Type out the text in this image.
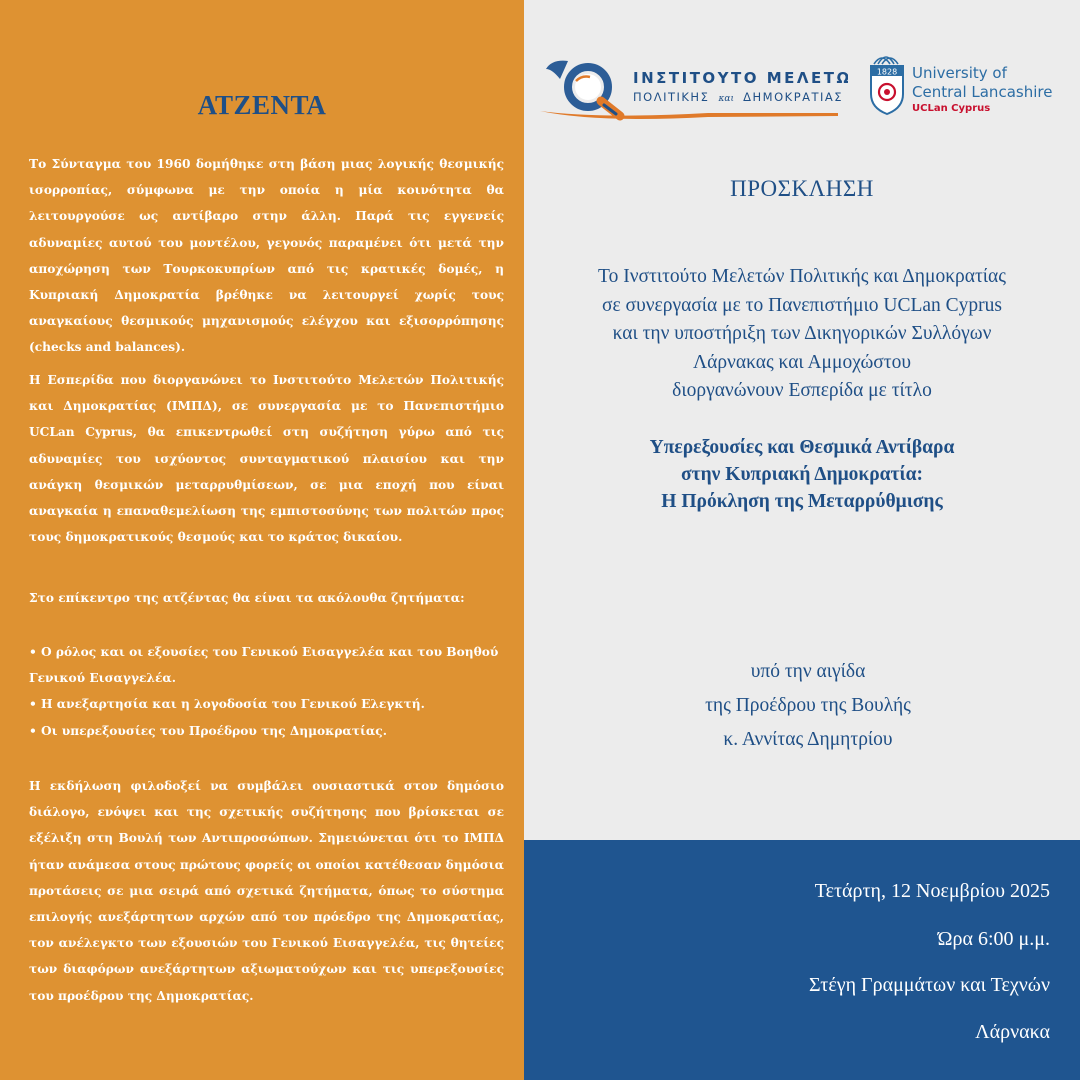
ΑΤΖΕΝΤΑ

Το Σύνταγμα του 1960 δομήθηκε στη βάση μιας λογικής θεσμικής ισορροπίας, σύμφωνα με την οποία η μία κοινότητα θα λειτουργούσε ως αντίβαρο στην άλλη. Παρά τις εγγενείς αδυναμίες αυτού του μοντέλου, γεγονός παραμένει ότι μετά την αποχώρηση των Τουρκοκυπρίων από τις κρατικές δομές, η Κυπριακή Δημοκρατία βρέθηκε να λειτουργεί χωρίς τους αναγκαίους θεσμικούς μηχανισμούς ελέγχου και εξισορρόπησης (checks and balances).

Η Εσπερίδα που διοργανώνει το Ινστιτούτο Μελετών Πολιτικής και Δημοκρατίας (ΙΜΠΔ), σε συνεργασία με το Πανεπιστήμιο UCLan Cyprus, θα επικεντρωθεί στη συζήτηση γύρω από τις αδυναμίες του ισχύοντος συνταγματικού πλαισίου και την ανάγκη θεσμικών μεταρρυθμίσεων, σε μια εποχή που είναι αναγκαία η επαναθεμελίωση της εμπιστοσύνης των πολιτών προς τους δημοκρατικούς θεσμούς και το κράτος δικαίου.

Στο επίκεντρο της ατζέντας θα είναι τα ακόλουθα ζητήματα:

• Ο ρόλος και οι εξουσίες του Γενικού Εισαγγελέα και του Βοηθού Γενικού Εισαγγελέα.
• Η ανεξαρτησία και η λογοδοσία του Γενικού Ελεγκτή.
• Οι υπερεξουσίες του Προέδρου της Δημοκρατίας.

Η εκδήλωση φιλοδοξεί να συμβάλει ουσιαστικά στον δημόσιο διάλογο, ενόψει και της σχετικής συζήτησης που βρίσκεται σε εξέλιξη στη Βουλή των Αντιπροσώπων. Σημειώνεται ότι το ΙΜΠΔ ήταν ανάμεσα στους πρώτους φορείς οι οποίοι κατέθεσαν δημόσια προτάσεις σε μια σειρά από σχετικά ζητήματα, όπως το σύστημα επιλογής ανεξάρτητων αρχών από τον πρόεδρο της Δημοκρατίας, τον ανέλεγκτο των εξουσιών του Γενικού Εισαγγελέα, τις θητείες των διαφόρων ανεξάρτητων αξιωματούχων και τις υπερεξουσίες του προέδρου της Δημοκρατίας.

ΙΝΣΤΙΤΟΥΤΟ ΜΕΛΕΤΩΝ
ΠΟΛΙΤΙΚΗΣ και ΔΗΜΟΚΡΑΤΙΑΣ
1828 University of
Central Lancashire
UCLan Cyprus
ΠΡΟΣΚΛΗΣΗ
Το Ινστιτούτο Μελετών Πολιτικής και Δημοκρατίας
σε συνεργασία με το Πανεπιστήμιο UCLan Cyprus
και την υποστήριξη των Δικηγορικών Συλλόγων
Λάρνακας και Αμμοχώστου
διοργανώνουν Εσπερίδα με τίτλο
Υπερεξουσίες και Θεσμικά Αντίβαρα
στην Κυπριακή Δημοκρατία:
Η Πρόκληση της Μεταρρύθμισης
υπό την αιγίδα
της Προέδρου της Βουλής
κ. Αννίτας Δημητρίου
Τετάρτη, 12 Νοεμβρίου 2025
Ώρα 6:00 μ.μ.
Στέγη Γραμμάτων και Τεχνών
Λάρνακα
